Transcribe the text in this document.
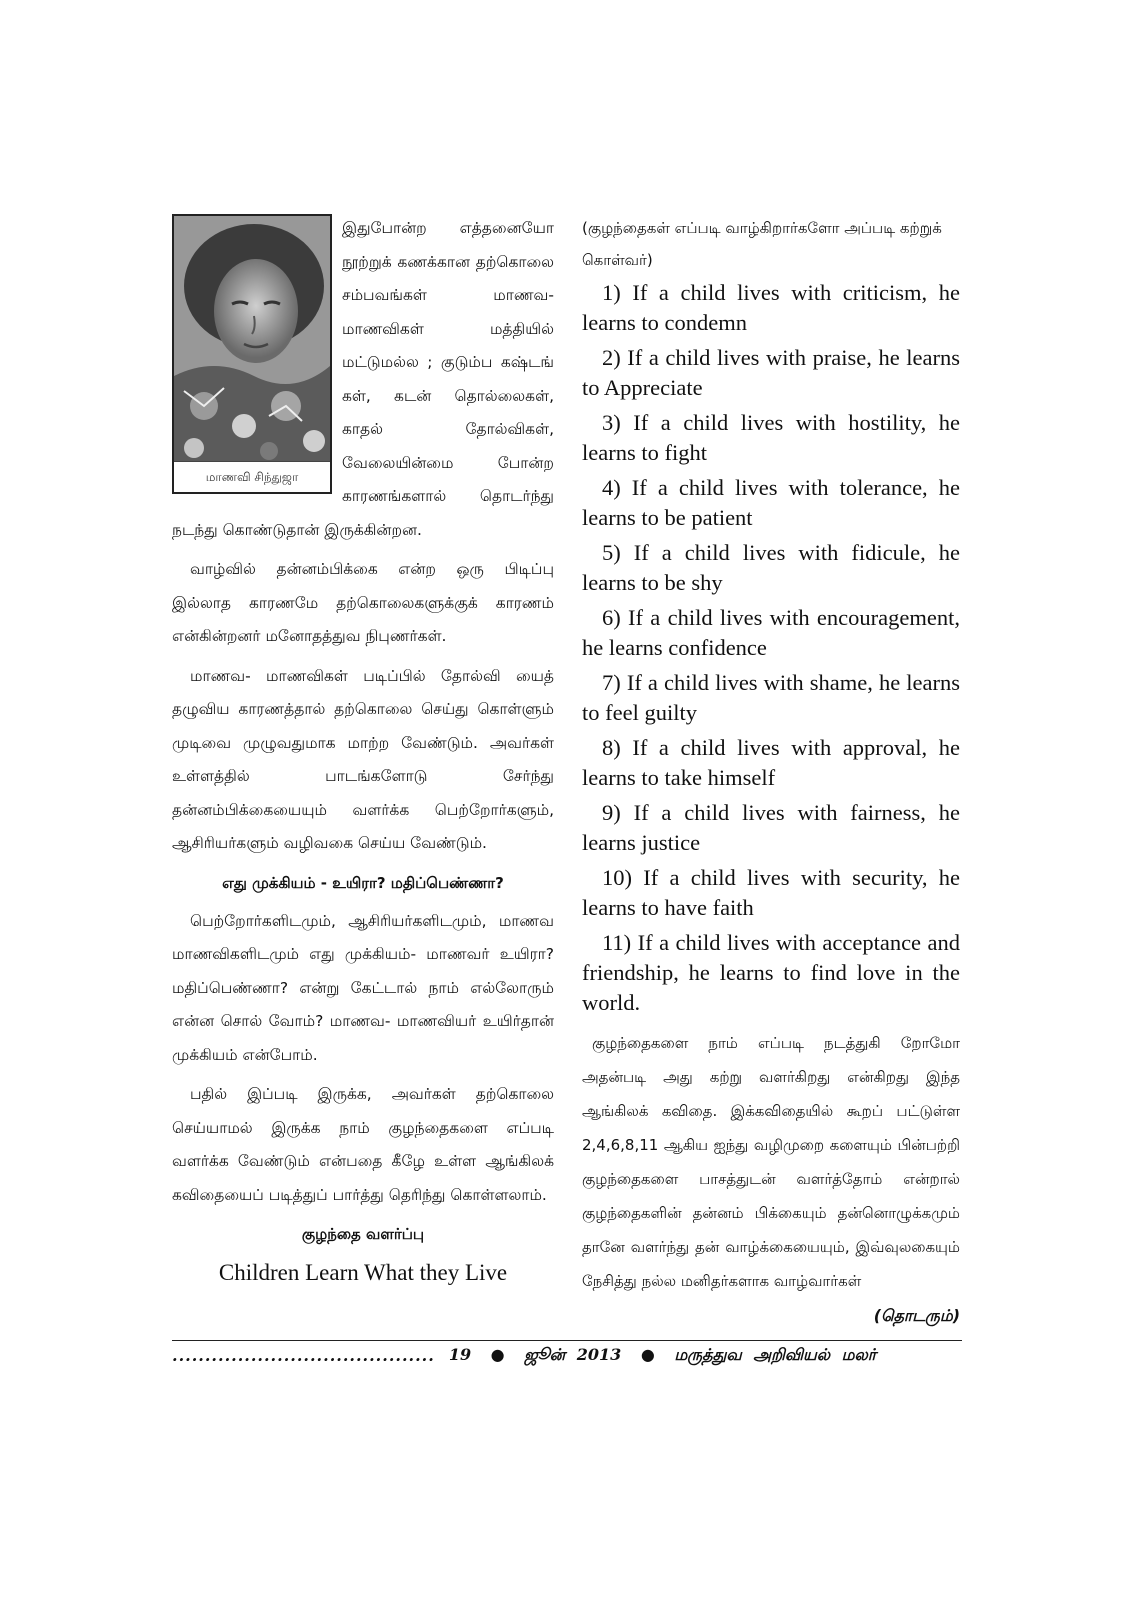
மாணவி சிந்துஜா

இதுபோன்ற எத்தனையோ நூற்றுக் கணக்கான தற்கொலை சம்பவங்கள் மாணவ- மாணவிகள் மத்தியில் மட்டுமல்ல ; குடும்ப கஷ்டங் கள், கடன் தொல்லைகள், காதல் தோல்விகள், வேலையின்மை போன்ற காரணங்களால் தொடர்ந்து நடந்து கொண்டுதான் இருக்கின்றன.

வாழ்வில் தன்னம்பிக்கை என்ற ஒரு பிடிப்பு இல்லாத காரணமே தற்கொலைகளுக்குக் காரணம் என்கின்றனர் மனோதத்துவ நிபுணர்கள்.

மாணவ- மாணவிகள் படிப்பில் தோல்வி யைத் தழுவிய காரணத்தால் தற்கொலை செய்து கொள்ளும் முடிவை முழுவதுமாக மாற்ற வேண்டும். அவர்கள் உள்ளத்தில் பாடங்களோடு சேர்ந்து தன்னம்பிக்கையையும் வளர்க்க பெற்றோர்களும், ஆசிரியர்களும் வழிவகை செய்ய வேண்டும்.

எது முக்கியம் - உயிரா? மதிப்பெண்ணா?

பெற்றோர்களிடமும், ஆசிரியர்களிடமும், மாணவ மாணவிகளிடமும் எது முக்கியம்- மாணவர் உயிரா? மதிப்பெண்ணா? என்று கேட்டால் நாம் எல்லோரும் என்ன சொல் வோம்? மாணவ- மாணவியர் உயிர்தான் முக்கியம் என்போம்.

பதில் இப்படி இருக்க, அவர்கள் தற்கொலை செய்யாமல் இருக்க நாம் குழந்தைகளை எப்படி வளர்க்க வேண்டும் என்பதை கீழே உள்ள ஆங்கிலக் கவிதையைப் படித்துப் பார்த்து தெரிந்து கொள்ளலாம்.

குழந்தை வளர்ப்பு
Children Learn What they Live

(குழந்தைகள் எப்படி வாழ்கிறார்களோ அப்படி கற்றுக் கொள்வர்)

1) If a child lives with criticism, he learns to condemn

2) If a child lives with praise, he learns to Appreciate

3) If a child lives with hostility, he learns to fight

4) If a child lives with tolerance, he learns to be patient

5) If a child lives with fidicule, he learns to be shy

6) If a child lives with encouragement, he learns confidence

7) If a child lives with shame, he learns to feel guilty

8) If a child lives with approval, he learns to take himself

9) If a child lives with fairness, he learns justice

10) If a child lives with security, he learns to have faith

11) If a child lives with acceptance and friendship, he learns to find love in the world.

குழந்தைகளை நாம் எப்படி நடத்துகி றோமோ அதன்படி அது கற்று வளர்கிறது என்கிறது இந்த ஆங்கிலக் கவிதை. இக்கவிதையில் கூறப் பட்டுள்ள 2,4,6,8,11 ஆகிய ஐந்து வழிமுறை களையும் பின்பற்றி குழந்தைகளை பாசத்துடன் வளர்த்தோம் என்றால் குழந்தைகளின் தன்னம் பிக்கையும் தன்னொழுக்கமும் தானே வளர்ந்து தன் வாழ்க்கையையும், இவ்வுலகையும் நேசித்து நல்ல மனிதர்களாக வாழ்வார்கள்

(தொடரும்)
........................................ 19 ● ஜூன் 2013 ● மருத்துவ அறிவியல் மலர்
